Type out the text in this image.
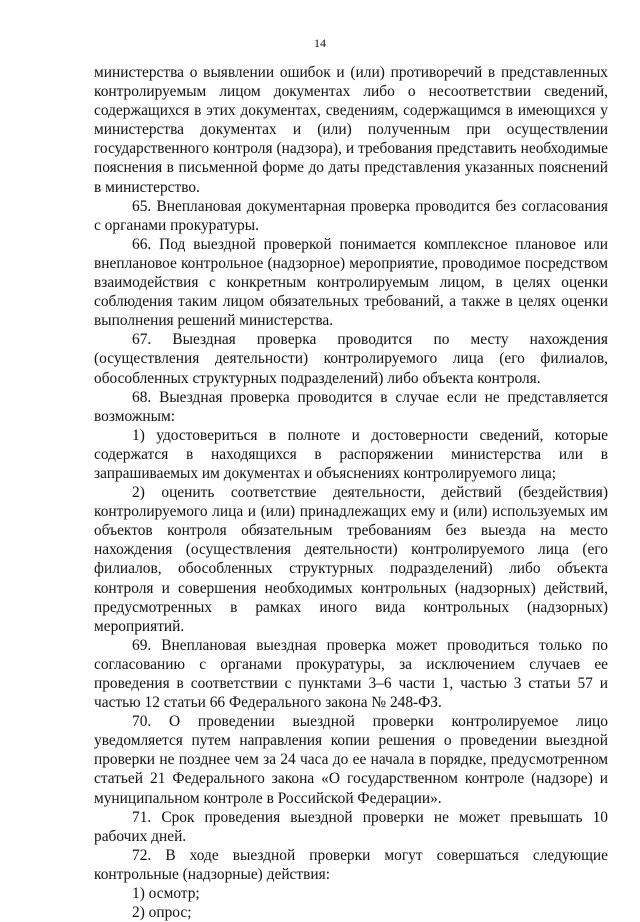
14

министерства о выявлении ошибок и (или) противоречий в представленных контролируемым лицом документах либо о несоответствии сведений, содержащихся в этих документах, сведениям, содержащимся в имеющихся у министерства документах и (или) полученным при осуществлении государственного контроля (надзора), и требования представить необходимые пояснения в письменной форме до даты представления указанных пояснений в министерство.

65. Внеплановая документарная проверка проводится без согласования с органами прокуратуры.

66. Под выездной проверкой понимается комплексное плановое или внеплановое контрольное (надзорное) мероприятие, проводимое посредством взаимодействия с конкретным контролируемым лицом, в целях оценки соблюдения таким лицом обязательных требований, а также в целях оценки выполнения решений министерства.

67. Выездная проверка проводится по месту нахождения (осуществления деятельности) контролируемого лица (его филиалов, обособленных структурных подразделений) либо объекта контроля.

68. Выездная проверка проводится в случае если не представляется возможным:

1) удостовериться в полноте и достоверности сведений, которые содержатся в находящихся в распоряжении министерства или в запрашиваемых им документах и объяснениях контролируемого лица;

2) оценить соответствие деятельности, действий (бездействия) контролируемого лица и (или) принадлежащих ему и (или) используемых им объектов контроля обязательным требованиям без выезда на место нахождения (осуществления деятельности) контролируемого лица (его филиалов, обособленных структурных подразделений) либо объекта контроля и совершения необходимых контрольных (надзорных) действий, предусмотренных в рамках иного вида контрольных (надзорных) мероприятий.

69. Внеплановая выездная проверка может проводиться только по согласованию с органами прокуратуры, за исключением случаев ее проведения в соответствии с пунктами 3–6 части 1, частью 3 статьи 57 и частью 12 статьи 66 Федерального закона № 248-ФЗ.

70. О проведении выездной проверки контролируемое лицо уведомляется путем направления копии решения о проведении выездной проверки не позднее чем за 24 часа до ее начала в порядке, предусмотренном статьей 21 Федерального закона «О государственном контроле (надзоре) и муниципальном контроле в Российской Федерации».

71. Срок проведения выездной проверки не может превышать 10 рабочих дней.

72. В ходе выездной проверки могут совершаться следующие контрольные (надзорные) действия:

1) осмотр;

2) опрос;
